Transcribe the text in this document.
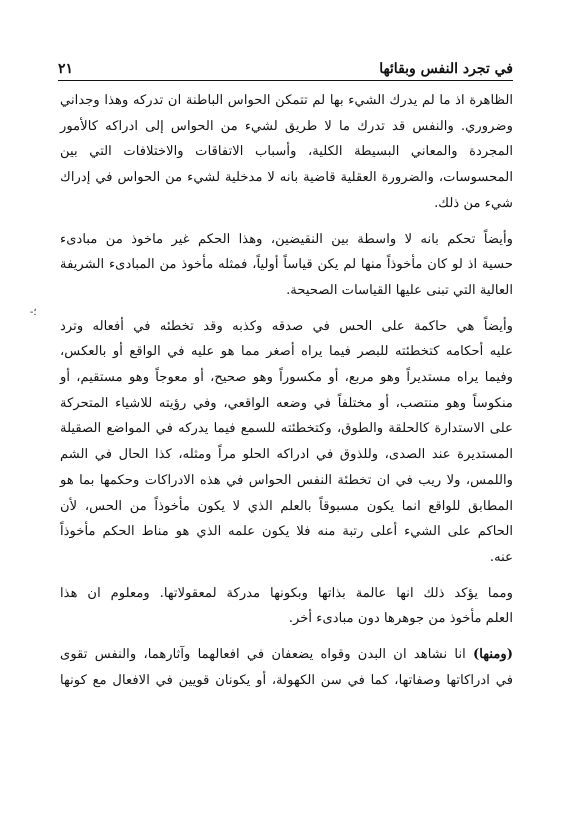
في تجرد النفس وبقائها
٢١
-؛
الظاهرة اذ ما لم يدرك الشيء بها لم تتمكن الحواس الباطنة ان تدركه وهذا وجداني
وضروري. والنفس قد تدرك ما لا طريق لشيء من الحواس إلى ادراكه كالأمور
المجردة والمعاني البسيطة الكلية، وأسباب الاتفاقات والاختلافات التي بين
المحسوسات، والضرورة العقلية قاضية بانه لا مدخلية لشيء من الحواس في إدراك
شيء من ذلك.
وأيضاً تحكم بانه لا واسطة بين النقيضين، وهذا الحكم غير ماخوذ من مبادىء
حسية اذ لو كان مأخوذاً منها لم يكن قياساً أولياً، فمثله مأخوذ من المبادىء الشريفة
العالية التي تبنى عليها القياسات الصحيحة.
وأيضاً هي حاكمة على الحس في صدقه وكذبه وقد تخطئه في أفعاله وترد
عليه أحكامه كتخطئته للبصر فيما يراه أصغر مما هو عليه في الواقع أو بالعكس،
وفيما يراه مستديراً وهو مربع، أو مكسوراً وهو صحيح، أو معوجاً وهو مستقيم، أو
منكوساً وهو منتصب، أو مختلفاً في وضعه الواقعي، وفي رؤيته للاشياء المتحركة
على الاستدارة كالحلقة والطوق، وكتخطئته للسمع فيما يدركه في المواضع الصقيلة
المستديرة عند الصدى، وللذوق في ادراكه الحلو مراً ومثله، كذا الحال في الشم
واللمس، ولا ريب في ان تخطئة النفس الحواس في هذه الادراكات وحكمها بما هو
المطابق للواقع انما يكون مسبوقاً بالعلم الذي لا يكون مأخوذاً من الحس، لأن
الحاكم على الشيء أعلى رتبة منه فلا يكون علمه الذي هو مناط الحكم مأخوذاً
عنه.
ومما يؤكد ذلك انها عالمة بذاتها وبكونها مدركة لمعقولاتها. ومعلوم ان هذا
العلم مأخوذ من جوهرها دون مبادىء أخر.
(ومنها) انا نشاهد ان البدن وقواه يضعفان في افعالهما وآثارهما، والنفس تقوى
في ادراكاتها وصفاتها، كما في سن الكهولة، أو يكونان قويين في الافعال مع كونها
